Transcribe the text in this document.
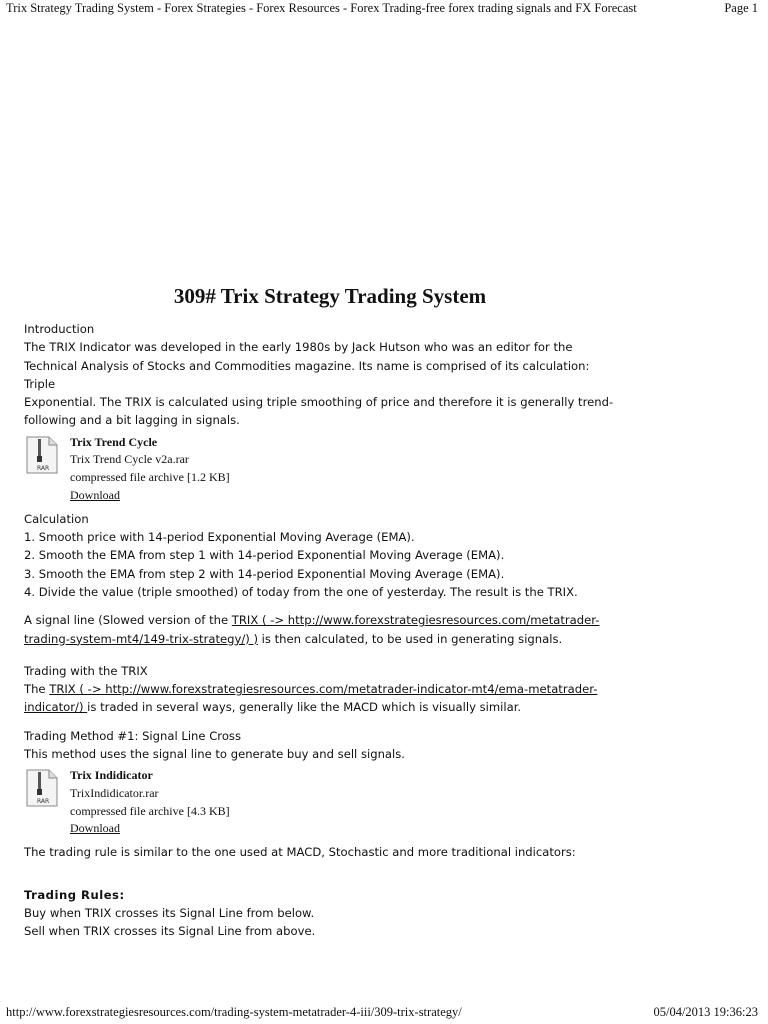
Trix Strategy Trading System - Forex Strategies - Forex Resources - Forex Trading-free forex trading signals and FX Forecast	Page 1
309# Trix Strategy Trading System

Introduction

The TRIX Indicator was developed in the early 1980s by Jack Hutson who was an editor for the

Technical Analysis of Stocks and Commodities magazine. Its name is comprised of its calculation: Triple

Exponential. The TRIX is calculated using triple smoothing of price and therefore it is generally trend-

following and a bit lagging in signals.

RAR
Trix Trend Cycle
Trix Trend Cycle v2a.rar
compressed file archive [1.2 KB]
Download

Calculation

1. Smooth price with 14-period Exponential Moving Average (EMA).

2. Smooth the EMA from step 1 with 14-period Exponential Moving Average (EMA).

3. Smooth the EMA from step 2 with 14-period Exponential Moving Average (EMA).

4. Divide the value (triple smoothed) of today from the one of yesterday. The result is the TRIX.

A signal line (Slowed version of the TRIX ( -> http://www.forexstrategiesresources.com/metatrader-

trading-system-mt4/149-trix-strategy/) ) is then calculated, to be used in generating signals.

Trading with the TRIX

The TRIX ( -> http://www.forexstrategiesresources.com/metatrader-indicator-mt4/ema-metatrader-

indicator/) is traded in several ways, generally like the MACD which is visually similar.

Trading Method #1: Signal Line Cross

This method uses the signal line to generate buy and sell signals.

RAR
Trix Indidicator
TrixIndidicator.rar
compressed file archive [4.3 KB]
Download

The trading rule is similar to the one used at MACD, Stochastic and more traditional indicators:

Trading Rules:

Buy when TRIX crosses its Signal Line from below.

Sell when TRIX crosses its Signal Line from above.

http://www.forexstrategiesresources.com/trading-system-metatrader-4-iii/309-trix-strategy/	05/04/2013 19:36:23
